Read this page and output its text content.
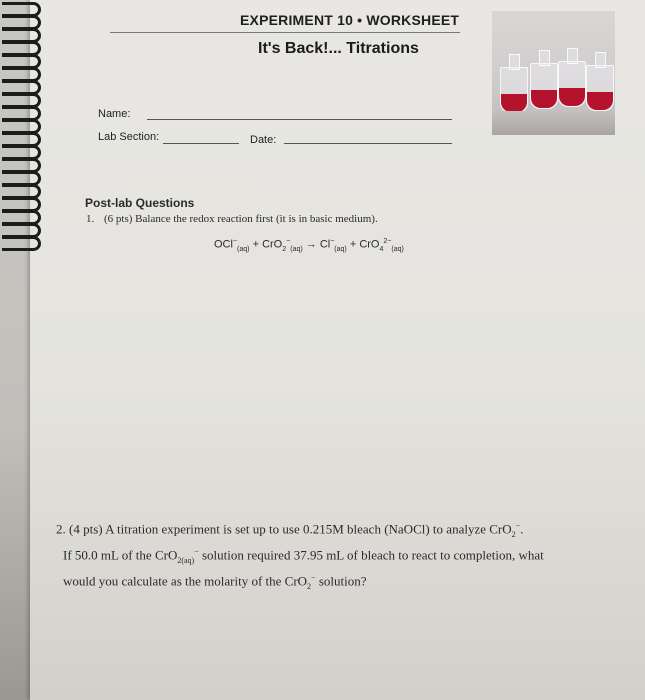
EXPERIMENT 10 • WORKSHEET
It's Back!... Titrations
Name:
Lab Section:	Date:
Post-lab Questions
1. (6 pts) Balance the redox reaction first (it is in basic medium).
$OCl^-_{(aq)} + CrO_2^-_{(aq)} \to Cl^-_{(aq)} + CrO_4^{2-}_{(aq)}$
2. (4 pts) A titration experiment is set up to use 0.215M bleach (NaOCl) to analyze CrO$_2$−.
If 50.0 mL of the CrO$_{2(aq)}$− solution required 37.95 mL of bleach to react to completion, what
would you calculate as the molarity of the CrO$_2$− solution?
